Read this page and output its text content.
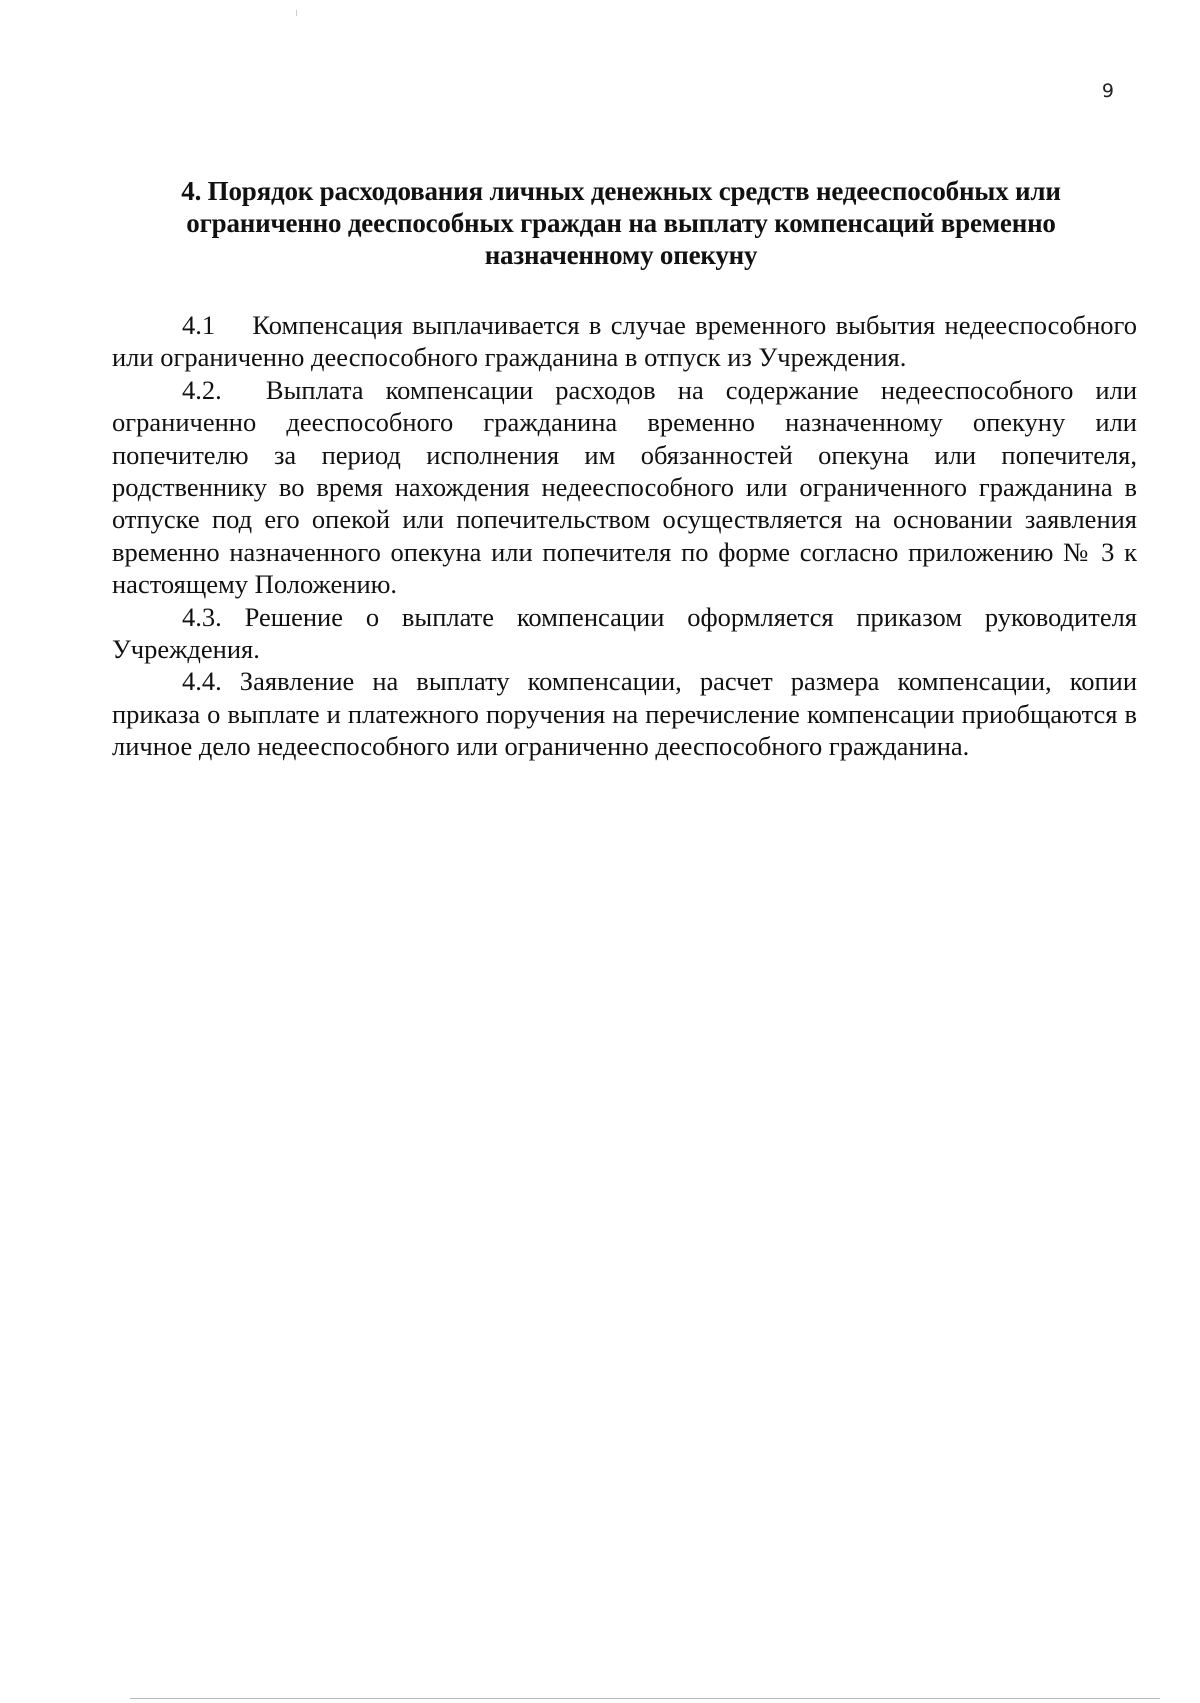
9
4. Порядок расходования личных денежных средств недееспособных или ограниченно дееспособных граждан на выплату компенсаций временно назначенному опекуну

4.1 Компенсация выплачивается в случае временного выбытия недееспособного или ограниченно дееспособного гражданина в отпуск из Учреждения.

4.2. Выплата компенсации расходов на содержание недееспособного или ограниченно дееспособного гражданина временно назначенному опекуну или попечителю за период исполнения им обязанностей опекуна или попечителя, родственнику во время нахождения недееспособного или ограниченного гражданина в отпуске под его опекой или попечительством осуществляется на основании заявления временно назначенного опекуна или попечителя по форме согласно приложению № 3 к настоящему Положению.

4.3. Решение о выплате компенсации оформляется приказом руководителя Учреждения.

4.4. Заявление на выплату компенсации, расчет размера компенсации, копии приказа о выплате и платежного поручения на перечисление компенсации приобщаются в личное дело недееспособного или ограниченно дееспособного гражданина.
